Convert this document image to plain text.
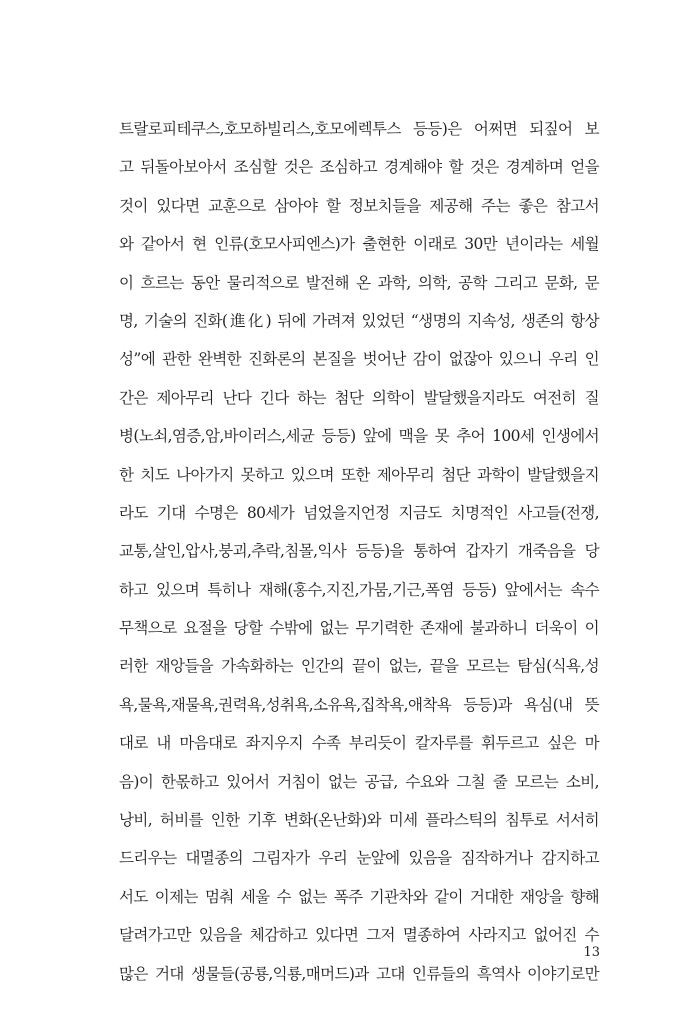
트랄로피테쿠스,호모하빌리스,호모에렉투스 등등)은 어쩌면 되짚어 보
고 뒤돌아보아서 조심할 것은 조심하고 경계해야 할 것은 경계하며 얻을
것이 있다면 교훈으로 삼아야 할 정보치들을 제공해 주는 좋은 참고서
와 같아서 현 인류(호모사피엔스)가 출현한 이래로 30만 년이라는 세월
이 흐르는 동안 물리적으로 발전해 온 과학, 의학, 공학 그리고 문화, 문
명, 기술의 진화(進化) 뒤에 가려져 있었던 “생명의 지속성, 생존의 항상
성”에 관한 완벽한 진화론의 본질을 벗어난 감이 없잖아 있으니 우리 인
간은 제아무리 난다 긴다 하는 첨단 의학이 발달했을지라도 여전히 질
병(노쇠,염증,암,바이러스,세균 등등) 앞에 맥을 못 추어 100세 인생에서
한 치도 나아가지 못하고 있으며 또한 제아무리 첨단 과학이 발달했을지
라도 기대 수명은 80세가 넘었을지언정 지금도 치명적인 사고들(전쟁,
교통,살인,압사,붕괴,추락,침몰,익사 등등)을 통하여 갑자기 개죽음을 당
하고 있으며 특히나 재해(홍수,지진,가뭄,기근,폭염 등등) 앞에서는 속수
무책으로 요절을 당할 수밖에 없는 무기력한 존재에 불과하니 더욱이 이
러한 재앙들을 가속화하는 인간의 끝이 없는, 끝을 모르는 탐심(식욕,성
욕,물욕,재물욕,권력욕,성취욕,소유욕,집착욕,애착욕 등등)과 욕심(내 뜻
대로 내 마음대로 좌지우지 수족 부리듯이 칼자루를 휘두르고 싶은 마
음)이 한몫하고 있어서 거침이 없는 공급, 수요와 그칠 줄 모르는 소비,
낭비, 허비를 인한 기후 변화(온난화)와 미세 플라스틱의 침투로 서서히
드리우는 대멸종의 그림자가 우리 눈앞에 있음을 짐작하거나 감지하고
서도 이제는 멈춰 세울 수 없는 폭주 기관차와 같이 거대한 재앙을 향해
달려가고만 있음을 체감하고 있다면 그저 멸종하여 사라지고 없어진 수
많은 거대 생물들(공룡,익룡,매머드)과 고대 인류들의 흑역사 이야기로만
13
